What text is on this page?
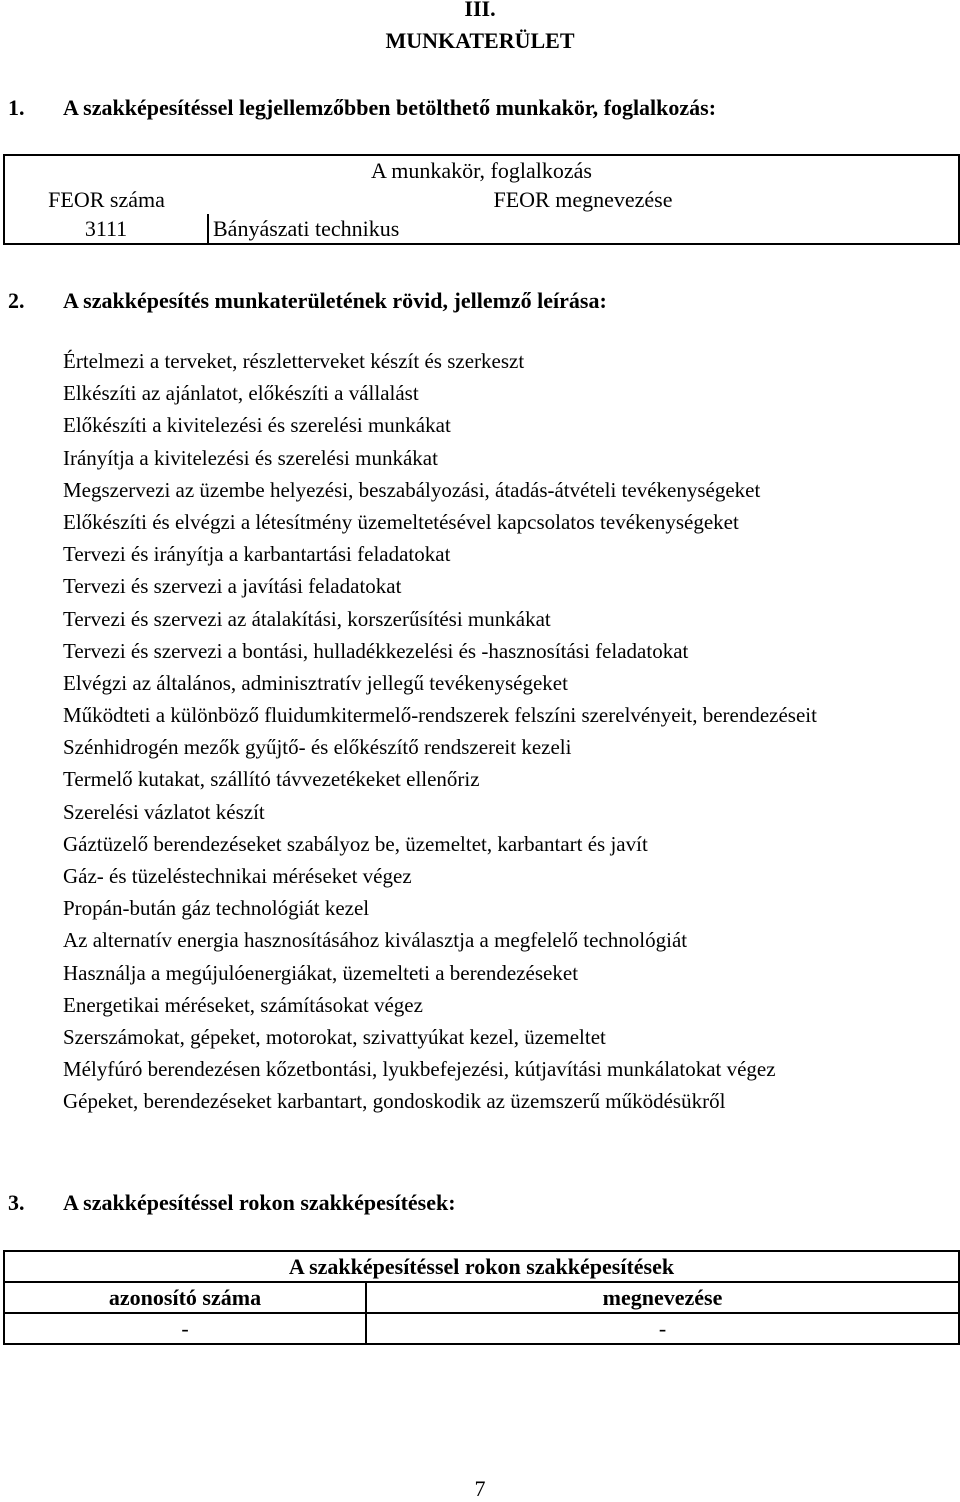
III.
MUNKATERÜLET
1. A szakképesítéssel legjellemzőbben betölthető munkakör, foglalkozás:
A munkakör, foglalkozás	
FEOR száma	FEOR megnevezése
3111	Bányászati technikus
2. A szakképesítés munkaterületének rövid, jellemző leírása:
Értelmezi a terveket, részletterveket készít és szerkeszt
Elkészíti az ajánlatot, előkészíti a vállalást
Előkészíti a kivitelezési és szerelési munkákat
Irányítja a kivitelezési és szerelési munkákat
Megszervezi az üzembe helyezési, beszabályozási, átadás-átvételi tevékenységeket
Előkészíti és elvégzi a létesítmény üzemeltetésével kapcsolatos tevékenységeket
Tervezi és irányítja a karbantartási feladatokat
Tervezi és szervezi a javítási feladatokat
Tervezi és szervezi az átalakítási, korszerűsítési munkákat
Tervezi és szervezi a bontási, hulladékkezelési és -hasznosítási feladatokat
Elvégzi az általános, adminisztratív jellegű tevékenységeket
Működteti a különböző fluidumkitermelő-rendszerek felszíni szerelvényeit, berendezéseit
Szénhidrogén mezők gyűjtő- és előkészítő rendszereit kezeli
Termelő kutakat, szállító távvezetékeket ellenőriz
Szerelési vázlatot készít
Gáztüzelő berendezéseket szabályoz be, üzemeltet, karbantart és javít
Gáz- és tüzeléstechnikai méréseket végez
Propán-bután gáz technológiát kezel
Az alternatív energia hasznosításához kiválasztja a megfelelő technológiát
Használja a megújulóenergiákat, üzemelteti a berendezéseket
Energetikai méréseket, számításokat végez
Szerszámokat, gépeket, motorokat, szivattyúkat kezel, üzemeltet
Mélyfúró berendezésen kőzetbontási, lyukbefejezési, kútjavítási munkálatokat végez
Gépeket, berendezéseket karbantart, gondoskodik az üzemszerű működésükről
3. A szakképesítéssel rokon szakképesítések:
A szakképesítéssel rokon szakképesítések	
azonosító száma	megnevezése
-	-
7
